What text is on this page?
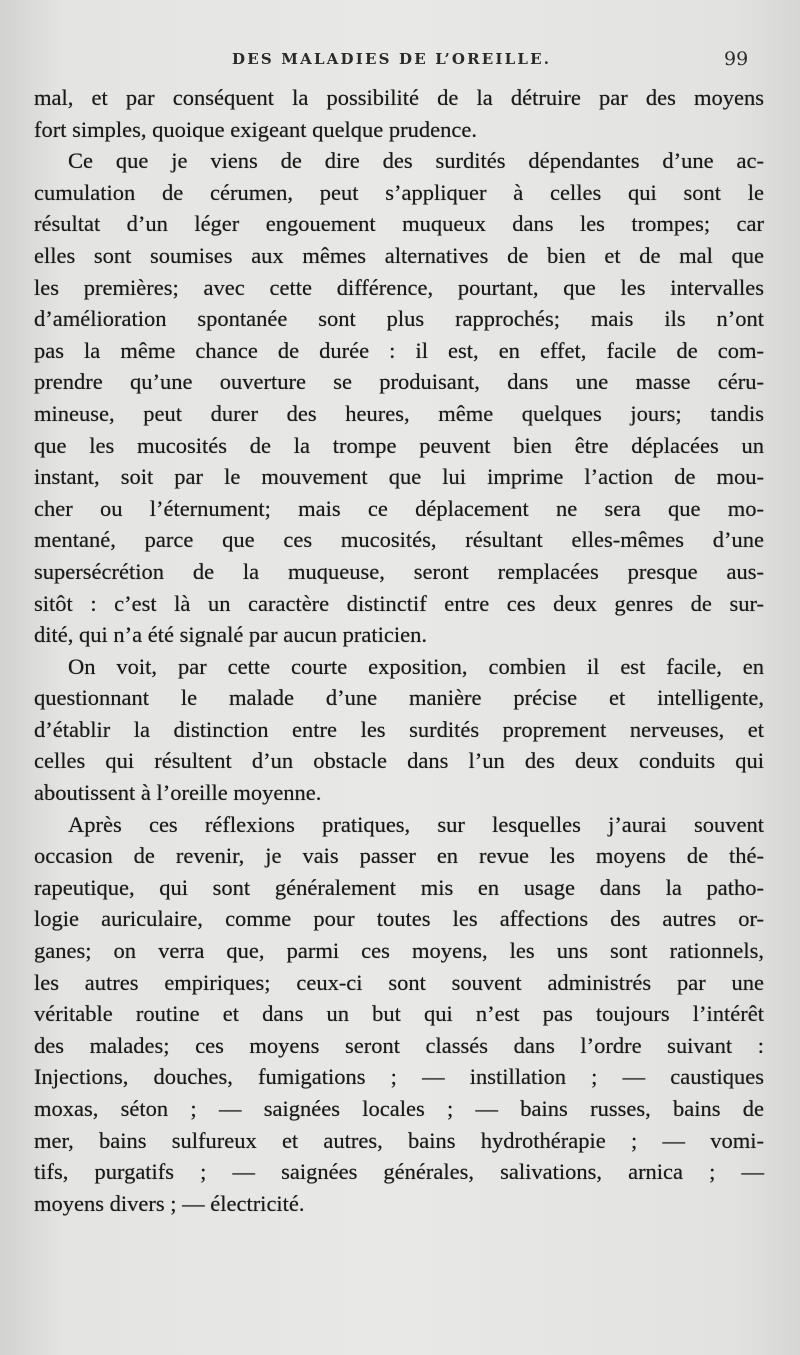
DES MALADIES DE L’OREILLE.	99
mal, et par conséquent la possibilité de la détruire par des moyens
fort simples, quoique exigeant quelque prudence.
Ce que je viens de dire des surdités dépendantes d’une ac-
cumulation de cérumen, peut s’appliquer à celles qui sont le
résultat d’un léger engouement muqueux dans les trompes; car
elles sont soumises aux mêmes alternatives de bien et de mal que
les premières; avec cette différence, pourtant, que les intervalles
d’amélioration spontanée sont plus rapprochés; mais ils n’ont
pas la même chance de durée : il est, en effet, facile de com-
prendre qu’une ouverture se produisant, dans une masse céru-
mineuse, peut durer des heures, même quelques jours; tandis
que les mucosités de la trompe peuvent bien être déplacées un
instant, soit par le mouvement que lui imprime l’action de mou-
cher ou l’éternument; mais ce déplacement ne sera que mo-
mentané, parce que ces mucosités, résultant elles-mêmes d’une
supersécrétion de la muqueuse, seront remplacées presque aus-
sitôt : c’est là un caractère distinctif entre ces deux genres de sur-
dité, qui n’a été signalé par aucun praticien.
On voit, par cette courte exposition, combien il est facile, en
questionnant le malade d’une manière précise et intelligente,
d’établir la distinction entre les surdités proprement nerveuses, et
celles qui résultent d’un obstacle dans l’un des deux conduits qui
aboutissent à l’oreille moyenne.
Après ces réflexions pratiques, sur lesquelles j’aurai souvent
occasion de revenir, je vais passer en revue les moyens de thé-
rapeutique, qui sont généralement mis en usage dans la patho-
logie auriculaire, comme pour toutes les affections des autres or-
ganes; on verra que, parmi ces moyens, les uns sont rationnels,
les autres empiriques; ceux-ci sont souvent administrés par une
véritable routine et dans un but qui n’est pas toujours l’intérêt
des malades; ces moyens seront classés dans l’ordre suivant :
Injections, douches, fumigations ; — instillation ; — caustiques
moxas, séton ; — saignées locales ; — bains russes, bains de
mer, bains sulfureux et autres, bains hydrothérapie ; — vomi-
tifs, purgatifs ; — saignées générales, salivations, arnica ; —
moyens divers ; — électricité.
